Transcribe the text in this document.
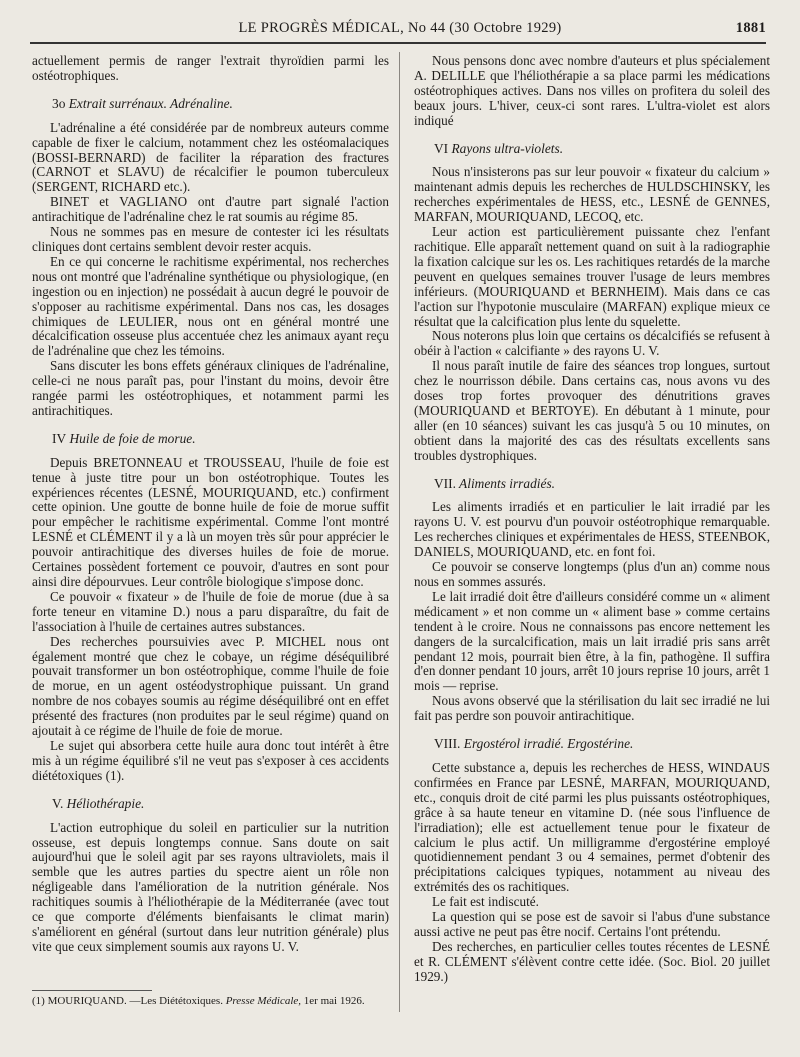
LE PROGRÈS MÉDICAL, No 44 (30 Octobre 1929)	1881

actuellement permis de ranger l'extrait thyroïdien parmi les ostéotrophiques.

3o Extrait surrénaux. Adrénaline.

L'adrénaline a été considérée par de nombreux auteurs comme capable de fixer le calcium, notamment chez les ostéomalaciques (BOSSI-BERNARD) de faciliter la réparation des fractures (CARNOT et SLAVU) de récalcifier le poumon tuberculeux (SERGENT, RICHARD etc.).

BINET et VAGLIANO ont d'autre part signalé l'action antirachitique de l'adrénaline chez le rat soumis au régime 85.

Nous ne sommes pas en mesure de contester ici les résultats cliniques dont certains semblent devoir rester acquis.

En ce qui concerne le rachitisme expérimental, nos recherches nous ont montré que l'adrénaline synthétique ou physiologique, (en ingestion ou en injection) ne possédait à aucun degré le pouvoir de s'opposer au rachitisme expérimental. Dans nos cas, les dosages chimiques de LEULIER, nous ont en général montré une décalcification osseuse plus accentuée chez les animaux ayant reçu de l'adrénaline que chez les témoins.

Sans discuter les bons effets généraux cliniques de l'adrénaline, celle-ci ne nous paraît pas, pour l'instant du moins, devoir être rangée parmi les ostéotrophiques, et notamment parmi les antirachitiques.

IV Huile de foie de morue.

Depuis BRETONNEAU et TROUSSEAU, l'huile de foie est tenue à juste titre pour un bon ostéotrophique. Toutes les expériences récentes (LESNÉ, MOURIQUAND, etc.) confirment cette opinion. Une goutte de bonne huile de foie de morue suffit pour empêcher le rachitisme expérimental. Comme l'ont montré LESNÉ et CLÉMENT il y a là un moyen très sûr pour apprécier le pouvoir antirachitique des diverses huiles de foie de morue. Certaines possèdent fortement ce pouvoir, d'autres en sont pour ainsi dire dépourvues. Leur contrôle biologique s'impose donc.

Ce pouvoir « fixateur » de l'huile de foie de morue (due à sa forte teneur en vitamine D.) nous a paru disparaître, du fait de l'association à l'huile de certaines autres substances.

Des recherches poursuivies avec P. MICHEL nous ont également montré que chez le cobaye, un régime déséquilibré pouvait transformer un bon ostéotrophique, comme l'huile de foie de morue, en un agent ostéodystrophique puissant. Un grand nombre de nos cobayes soumis au régime déséquilibré ont en effet présenté des fractures (non produites par le seul régime) quand on ajoutait à ce régime de l'huile de foie de morue.

Le sujet qui absorbera cette huile aura donc tout intérêt à être mis à un régime équilibré s'il ne veut pas s'exposer à ces accidents diététoxiques (1).

V. Héliothérapie.

L'action eutrophique du soleil en particulier sur la nutrition osseuse, est depuis longtemps connue. Sans doute on sait aujourd'hui que le soleil agit par ses rayons ultraviolets, mais il semble que les autres parties du spectre aient un rôle non négligeable dans l'amélioration de la nutrition générale. Nos rachitiques soumis à l'héliothérapie de la Méditerranée (avec tout ce que comporte d'éléments bienfaisants le climat marin) s'améliorent en général (surtout dans leur nutrition générale) plus vite que ceux simplement soumis aux rayons U. V.

Nous pensons donc avec nombre d'auteurs et plus spécialement A. DELILLE que l'héliothérapie a sa place parmi les médications ostéotrophiques actives. Dans nos villes on profitera du soleil des beaux jours. L'hiver, ceux-ci sont rares. L'ultra-violet est alors indiqué

VI Rayons ultra-violets.

Nous n'insisterons pas sur leur pouvoir « fixateur du calcium » maintenant admis depuis les recherches de HULDSCHINSKY, les recherches expérimentales de HESS, etc., LESNÉ de GENNES, MARFAN, MOURIQUAND, LECOQ, etc.

Leur action est particulièrement puissante chez l'enfant rachitique. Elle apparaît nettement quand on suit à la radiographie la fixation calcique sur les os. Les rachitiques retardés de la marche peuvent en quelques semaines trouver l'usage de leurs membres inférieurs. (MOURIQUAND et BERNHEIM). Mais dans ce cas l'action sur l'hypotonie musculaire (MARFAN) explique mieux ce résultat que la calcification plus lente du squelette.

Nous noterons plus loin que certains os décalcifiés se refusent à obéir à l'action « calcifiante » des rayons U. V.

Il nous paraît inutile de faire des séances trop longues, surtout chez le nourrisson débile. Dans certains cas, nous avons vu des doses trop fortes provoquer des dénutritions graves (MOURIQUAND et BERTOYE). En débutant à 1 minute, pour aller (en 10 séances) suivant les cas jusqu'à 5 ou 10 minutes, on obtient dans la majorité des cas des résultats excellents sans troubles dystrophiques.

VII. Aliments irradiés.

Les aliments irradiés et en particulier le lait irradié par les rayons U. V. est pourvu d'un pouvoir ostéotrophique remarquable. Les recherches cliniques et expérimentales de HESS, STEENBOK, DANIELS, MOURIQUAND, etc. en font foi.

Ce pouvoir se conserve longtemps (plus d'un an) comme nous nous en sommes assurés.

Le lait irradié doit être d'ailleurs considéré comme un « aliment médicament » et non comme un « aliment base » comme certains tendent à le croire. Nous ne connaissons pas encore nettement les dangers de la surcalcification, mais un lait irradié pris sans arrêt pendant 12 mois, pourrait bien être, à la fin, pathogène. Il suffira d'en donner pendant 10 jours, arrêt 10 jours reprise 10 jours, arrêt 1 mois — reprise.

Nous avons observé que la stérilisation du lait sec irradié ne lui fait pas perdre son pouvoir antirachitique.

VIII. Ergostérol irradié. Ergostérine.

Cette substance a, depuis les recherches de HESS, WINDAUS confirmées en France par LESNÉ, MARFAN, MOURIQUAND, etc., conquis droit de cité parmi les plus puissants ostéotrophiques, grâce à sa haute teneur en vitamine D. (née sous l'influence de l'irradiation); elle est actuellement tenue pour le fixateur de calcium le plus actif. Un milligramme d'ergostérine employé quotidiennement pendant 3 ou 4 semaines, permet d'obtenir des précipitations calciques typiques, notamment au niveau des extrémités des os rachitiques.

Le fait est indiscuté.

La question qui se pose est de savoir si l'abus d'une substance aussi active ne peut pas être nocif. Certains l'ont prétendu.

Des recherches, en particulier celles toutes récentes de LESNÉ et R. CLÉMENT s'élèvent contre cette idée. (Soc. Biol. 20 juillet 1929.)

(1) MOURIQUAND. —Les Diététoxiques. Presse Médicale, 1er mai 1926.
